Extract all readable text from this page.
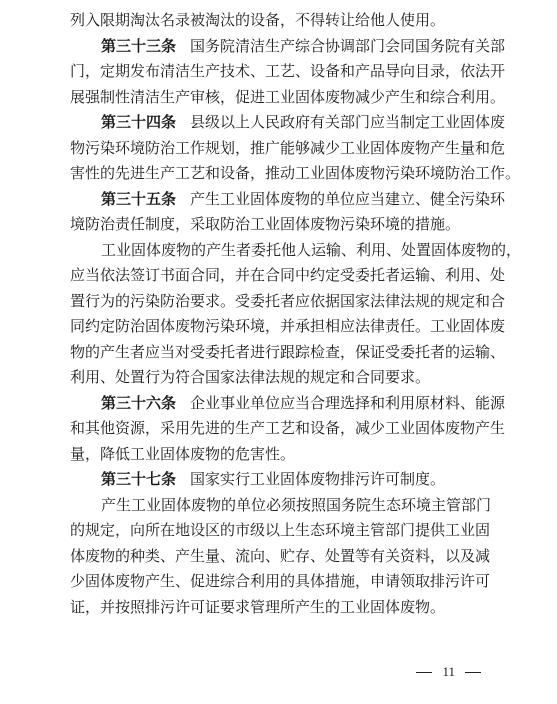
列入限期淘汰名录被淘汰的设备，不得转让给他人使用。
第三十三条 国务院清洁生产综合协调部门会同国务院有关部
门，定期发布清洁生产技术、工艺、设备和产品导向目录，依法开
展强制性清洁生产审核，促进工业固体废物减少产生和综合利用。
第三十四条 县级以上人民政府有关部门应当制定工业固体废
物污染环境防治工作规划，推广能够减少工业固体废物产生量和危
害性的先进生产工艺和设备，推动工业固体废物污染环境防治工作。
第三十五条 产生工业固体废物的单位应当建立、健全污染环
境防治责任制度，采取防治工业固体废物污染环境的措施。
工业固体废物的产生者委托他人运输、利用、处置固体废物的，
应当依法签订书面合同，并在合同中约定受委托者运输、利用、处
置行为的污染防治要求。受委托者应依据国家法律法规的规定和合
同约定防治固体废物污染环境，并承担相应法律责任。工业固体废
物的产生者应当对受委托者进行跟踪检查，保证受委托者的运输、
利用、处置行为符合国家法律法规的规定和合同要求。
第三十六条 企业事业单位应当合理选择和利用原材料、能源
和其他资源，采用先进的生产工艺和设备，减少工业固体废物产生
量，降低工业固体废物的危害性。
第三十七条 国家实行工业固体废物排污许可制度。
产生工业固体废物的单位必须按照国务院生态环境主管部门
的规定，向所在地设区的市级以上生态环境主管部门提供工业固
体废物的种类、产生量、流向、贮存、处置等有关资料，以及减
少固体废物产生、促进综合利用的具体措施，申请领取排污许可
证，并按照排污许可证要求管理所产生的工业固体废物。
11
